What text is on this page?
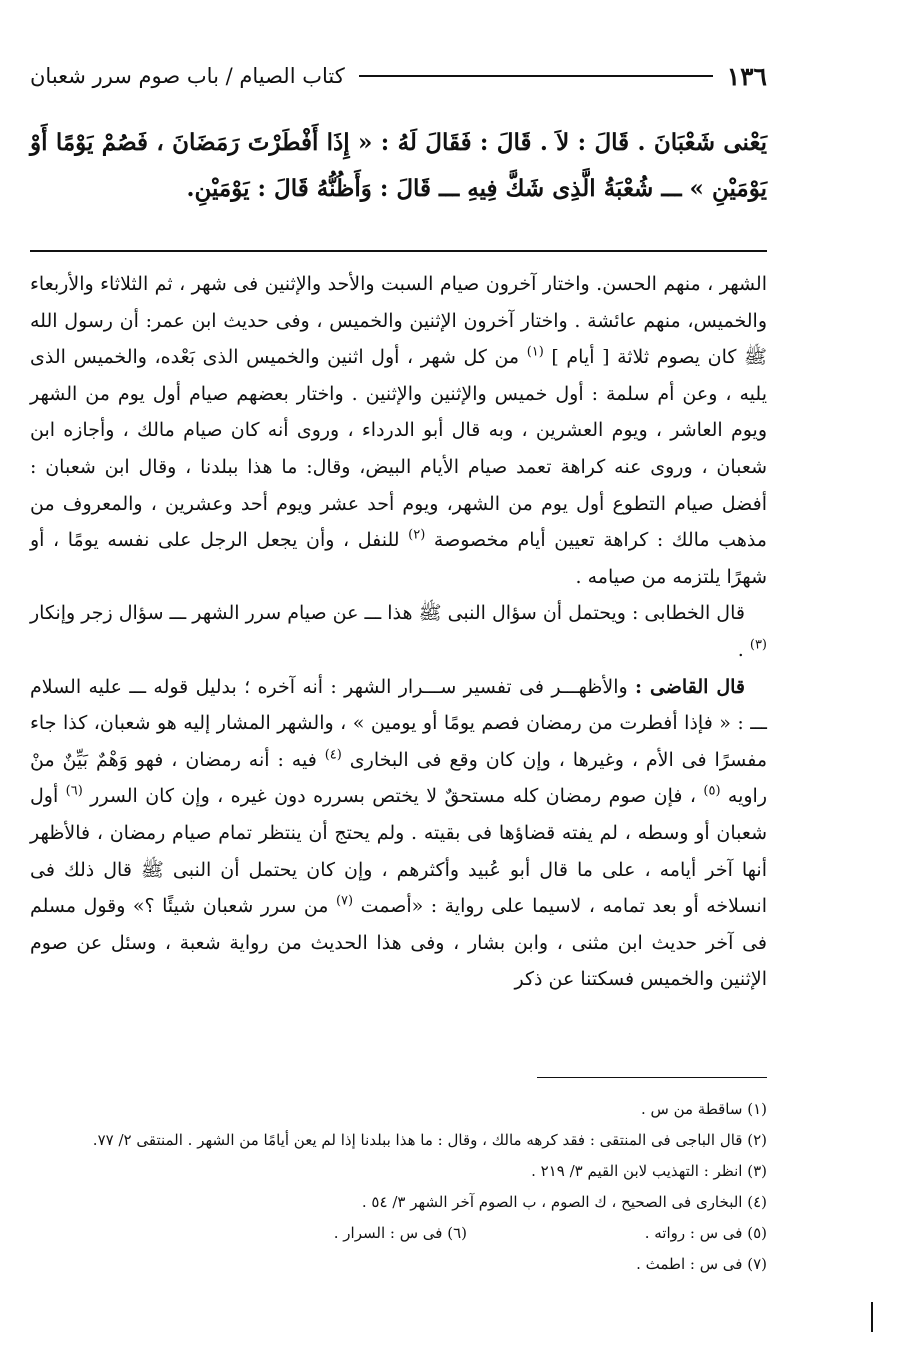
١٣٦
كتاب الصيام / باب صوم سرر شعبان
يَعْنى شَعْبَانَ . قَالَ : لاَ . قَالَ : فَقَالَ لَهُ : « إِذَا أَفْطَرْتَ رَمَضَانَ ، فَصُمْ يَوْمًا أَوْ يَوْمَيْنِ » ـــ شُعْبَةُ الَّذِى شَكَّ فِيهِ ـــ قَالَ : وَأَظُنُّهُ قَالَ : يَوْمَيْنِ.

الشهر ، منهم الحسن. واختار آخرون صيام السبت والأحد والإثنين فى شهر ، ثم الثلاثاء والأربعاء والخميس، منهم عائشة . واختار آخرون الإثنين والخميس ، وفى حديث ابن عمر: أن رسول الله ﷺ كان يصوم ثلاثة [ أيام ] $^{(١)}$ من كل شهر ، أول اثنين والخميس الذى بَعْده، والخميس الذى يليه ، وعن أم سلمة : أول خميس والإثنين والإثنين . واختار بعضهم صيام أول يوم من الشهر ويوم العاشر ، ويوم العشرين ، وبه قال أبو الدرداء ، وروى أنه كان صيام مالك ، وأجازه ابن شعبان ، وروى عنه كراهة تعمد صيام الأيام البيض، وقال: ما هذا ببلدنا ، وقال ابن شعبان : أفضل صيام التطوع أول يوم من الشهر، ويوم أحد عشر ويوم أحد وعشرين ، والمعروف من مذهب مالك : كراهة تعيين أيام مخصوصة $^{(٢)}$ للنفل ، وأن يجعل الرجل على نفسه يومًا ، أو شهرًا يلتزمه من صيامه .

قال الخطابى : ويحتمل أن سؤال النبى ﷺ هذا ـــ عن صيام سرر الشهر ـــ سؤال زجر وإنكار $^{(٣)}$ .

قال القاضى : والأظهـــر فى تفسير ســـرار الشهر : أنه آخره ؛ بدليل قوله ـــ عليه السلام ـــ : « فإذا أفطرت من رمضان فصم يومًا أو يومين » ، والشهر المشار إليه هو شعبان، كذا جاء مفسرًا فى الأم ، وغيرها ، وإن كان وقع فى البخارى $^{(٤)}$ فيه : أنه رمضان ، فهو وَهْمٌ بَيِّنٌ منْ راويه $^{(٥)}$ ، فإن صوم رمضان كله مستحقٌ لا يختص بسرره دون غيره ، وإن كان السرر $^{(٦)}$ أول شعبان أو وسطه ، لم يفته قضاؤها فى بقيته . ولم يحتج أن ينتظر تمام صيام رمضان ، فالأظهر أنها آخر أيامه ، على ما قال أبو عُبيد وأكثرهم ، وإن كان يحتمل أن النبى ﷺ قال ذلك فى انسلاخه أو بعد تمامه ، لاسيما على رواية : «أصمت $^{(٧)}$ من سرر شعبان شيئًا ؟» وقول مسلم فى آخر حديث ابن مثنى ، وابن بشار ، وفى هذا الحديث من رواية شعبة ، وسئل عن صوم الإثنين والخميس فسكتنا عن ذكر

(١) ساقطة من س .
(٢) قال الباجى فى المنتقى : فقد كرهه مالك ، وقال : ما هذا ببلدنا إذا لم يعن أيامًا من الشهر . المنتقى ٢/ ٧٧.
(٣) انظر : التهذيب لابن القيم ٣/ ٢١٩ .
(٤) البخارى فى الصحيح ، ك الصوم ، ب الصوم آخر الشهر ٣/ ٥٤ .
(٥) فى س : رواته .
(٦) فى س : السرار .
(٧) فى س : اطمث .
